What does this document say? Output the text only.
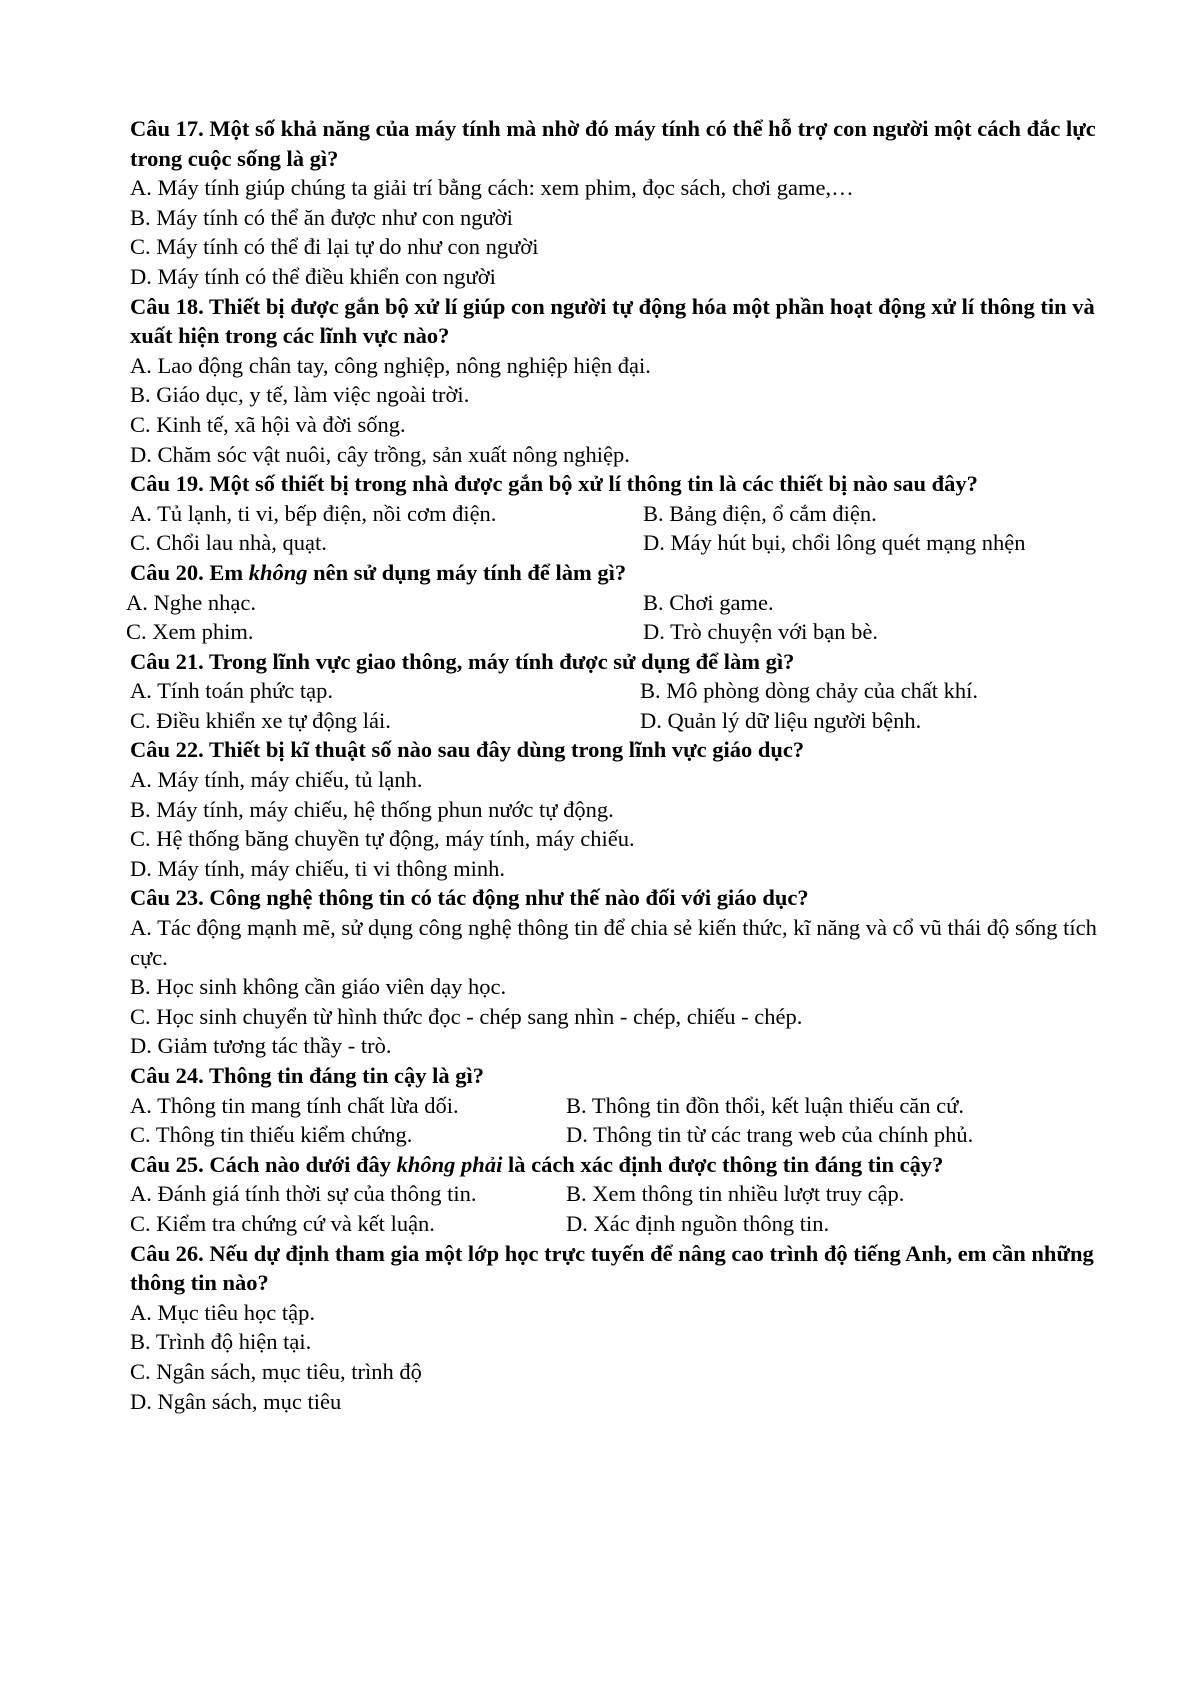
Câu 17. Một số khả năng của máy tính mà nhờ đó máy tính có thể hỗ trợ con người một cách đắc lực trong cuộc sống là gì?
A. Máy tính giúp chúng ta giải trí bằng cách: xem phim, đọc sách, chơi game,…
B. Máy tính có thể ăn được như con người
C. Máy tính có thể đi lại tự do như con người
D. Máy tính có thể điều khiển con người
Câu 18. Thiết bị được gắn bộ xử lí giúp con người tự động hóa một phần hoạt động xử lí thông tin và xuất hiện trong các lĩnh vực nào?
A. Lao động chân tay, công nghiệp, nông nghiệp hiện đại.
B. Giáo dục, y tế, làm việc ngoài trời.
C. Kinh tế, xã hội và đời sống.
D. Chăm sóc vật nuôi, cây trồng, sản xuất nông nghiệp.
Câu 19. Một số thiết bị trong nhà được gắn bộ xử lí thông tin là các thiết bị nào sau đây?
A. Tủ lạnh, ti vi, bếp điện, nồi cơm điện.	B. Bảng điện, ổ cắm điện.
C. Chổi lau nhà, quạt.	D. Máy hút bụi, chổi lông quét mạng nhện
Câu 20. Em không nên sử dụng máy tính để làm gì?
A. Nghe nhạc.	B. Chơi game.
C. Xem phim.	D. Trò chuyện với bạn bè.
Câu 21. Trong lĩnh vực giao thông, máy tính được sử dụng để làm gì?
A. Tính toán phức tạp.	B. Mô phòng dòng chảy của chất khí.
C. Điều khiển xe tự động lái.	D. Quản lý dữ liệu người bệnh.
Câu 22. Thiết bị kĩ thuật số nào sau đây dùng trong lĩnh vực giáo dục?
A. Máy tính, máy chiếu, tủ lạnh.
B. Máy tính, máy chiếu, hệ thống phun nước tự động.
C. Hệ thống băng chuyền tự động, máy tính, máy chiếu.
D. Máy tính, máy chiếu, ti vi thông minh.
Câu 23. Công nghệ thông tin có tác động như thế nào đối với giáo dục?
A. Tác động mạnh mẽ, sử dụng công nghệ thông tin để chia sẻ kiến thức, kĩ năng và cổ vũ thái độ sống tích cực.
B. Học sinh không cần giáo viên dạy học.
C. Học sinh chuyển từ hình thức đọc - chép sang nhìn - chép, chiếu - chép.
D. Giảm tương tác thầy - trò.
Câu 24. Thông tin đáng tin cậy là gì?
A. Thông tin mang tính chất lừa dối.	B. Thông tin đồn thổi, kết luận thiếu căn cứ.
C. Thông tin thiếu kiểm chứng.	D. Thông tin từ các trang web của chính phủ.
Câu 25. Cách nào dưới đây không phải là cách xác định được thông tin đáng tin cậy?
A. Đánh giá tính thời sự của thông tin.	B. Xem thông tin nhiều lượt truy cập.
C. Kiểm tra chứng cứ và kết luận.	D. Xác định nguồn thông tin.
Câu 26. Nếu dự định tham gia một lớp học trực tuyến để nâng cao trình độ tiếng Anh, em cần những thông tin nào?
A. Mục tiêu học tập.
B. Trình độ hiện tại.
C. Ngân sách, mục tiêu, trình độ
D. Ngân sách, mục tiêu
